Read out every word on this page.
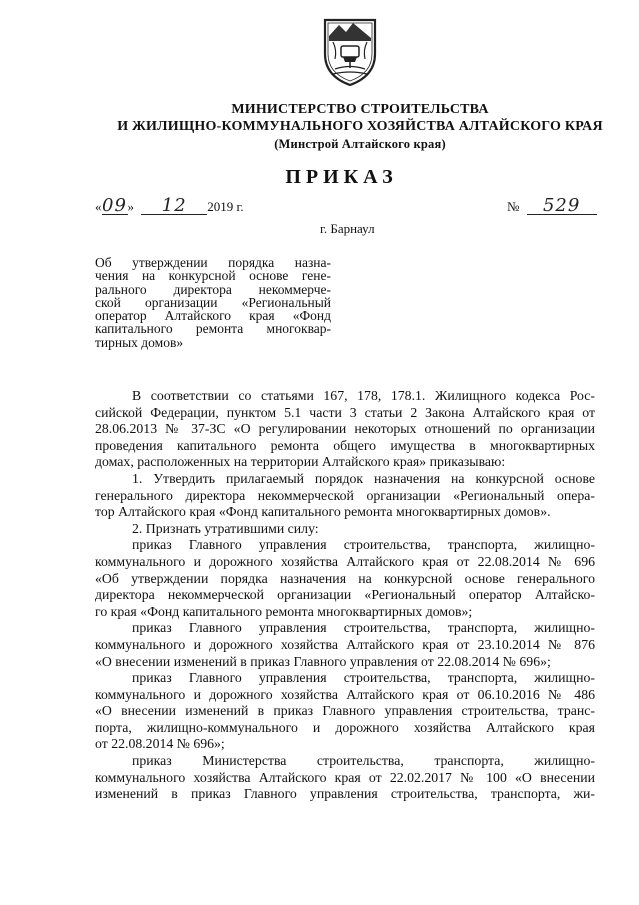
МИНИСТЕРСТВО СТРОИТЕЛЬСТВА
И ЖИЛИЩНО-КОММУНАЛЬНОГО ХОЗЯЙСТВА АЛТАЙСКОГО КРАЯ
(Минстрой Алтайского края)
ПРИКАЗ
«09» 12 2019 г.	№ 529
г. Барнаул
Об утверждении порядка назна-
чения на конкурсной основе гене-
рального директора некоммерче-
ской организации «Региональный
оператор Алтайского края «Фонд
капитального ремонта многоквар-
тирных домов»
В соответствии со статьями 167, 178, 178.1. Жилищного кодекса Рос-
сийской Федерации, пунктом 5.1 части 3 статьи 2 Закона Алтайского края от
28.06.2013 № 37-ЗС «О регулировании некоторых отношений по организации
проведения капитального ремонта общего имущества в многоквартирных
домах, расположенных на территории Алтайского края» приказываю:
1. Утвердить прилагаемый порядок назначения на конкурсной основе
генерального директора некоммерческой организации «Региональный опера-
тор Алтайского края «Фонд капитального ремонта многоквартирных домов».
2. Признать утратившими силу:
приказ Главного управления строительства, транспорта, жилищно-
коммунального и дорожного хозяйства Алтайского края от 22.08.2014 № 696
«Об утверждении порядка назначения на конкурсной основе генерального
директора некоммерческой организации «Региональный оператор Алтайско-
го края «Фонд капитального ремонта многоквартирных домов»;
приказ Главного управления строительства, транспорта, жилищно-
коммунального и дорожного хозяйства Алтайского края от 23.10.2014 № 876
«О внесении изменений в приказ Главного управления от 22.08.2014 № 696»;
приказ Главного управления строительства, транспорта, жилищно-
коммунального и дорожного хозяйства Алтайского края от 06.10.2016 № 486
«О внесении изменений в приказ Главного управления строительства, транс-
порта, жилищно-коммунального и дорожного хозяйства Алтайского края
от 22.08.2014 № 696»;
приказ Министерства строительства, транспорта, жилищно-
коммунального хозяйства Алтайского края от 22.02.2017 № 100 «О внесении
изменений в приказ Главного управления строительства, транспорта, жи-
